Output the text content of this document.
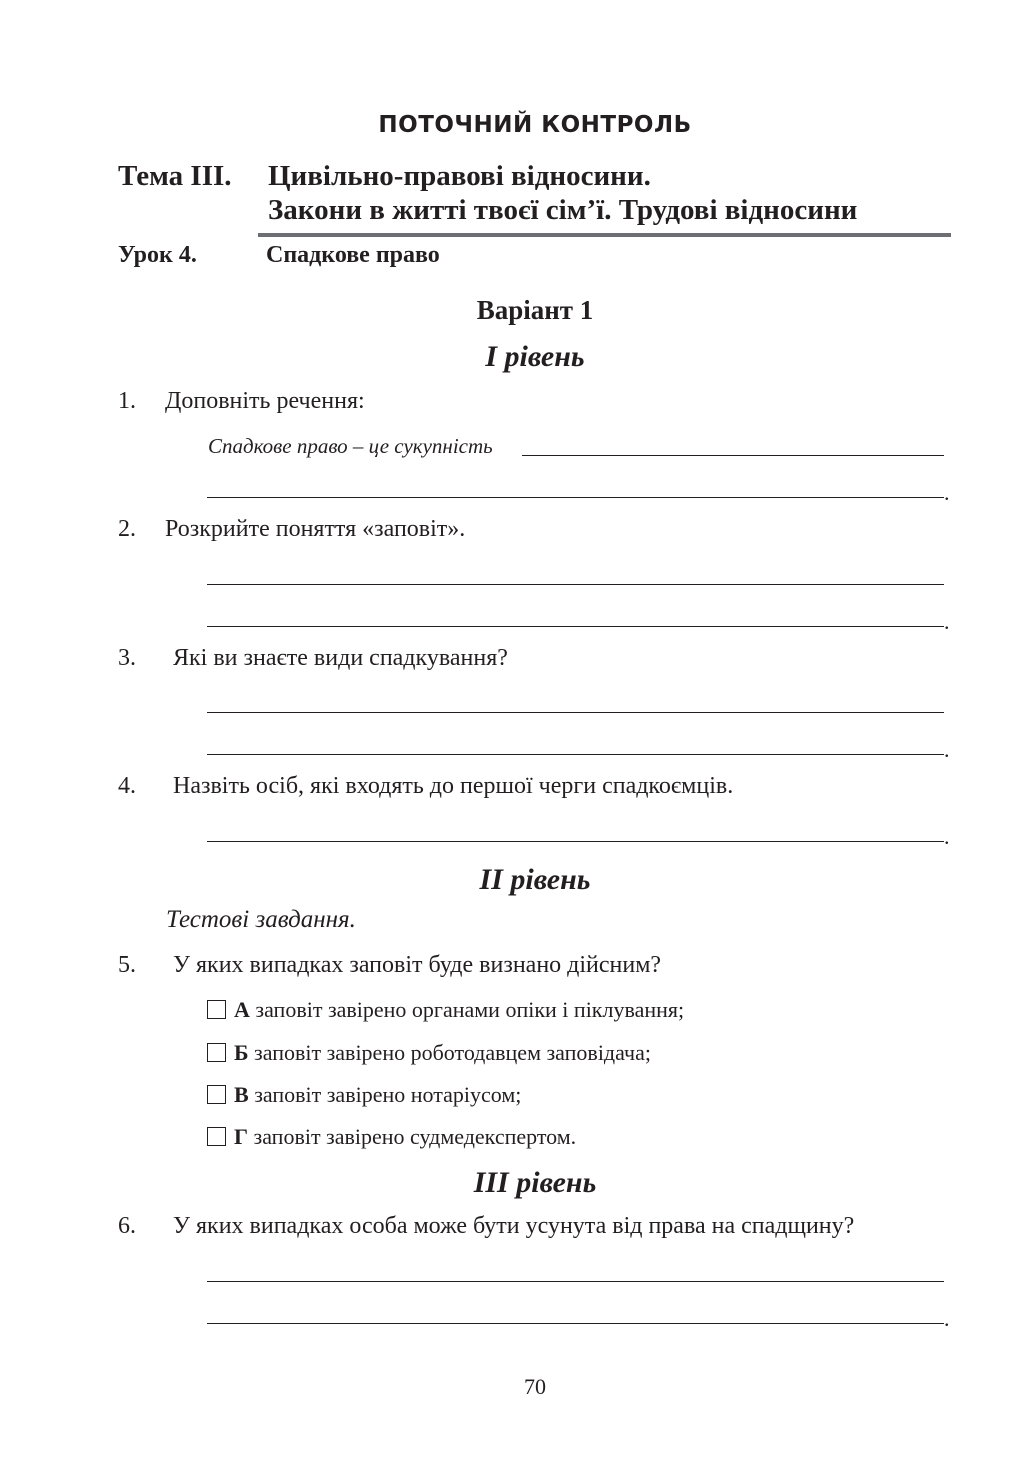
ПОТОЧНИЙ КОНТРОЛЬ
Тема III. Цивільно-правові відносини.
Закони в житті твоєї сім’ї. Трудові відносини
Урок 4.	Спадкове право
Варіант 1
I рівень
1. Доповніть речення:
Спадкове право – це сукупність
.
2. Розкрийте поняття «заповіт».
.
3. Які ви знаєте види спадкування?
.
4. Назвіть осіб, які входять до першої черги спадкоємців.
.
II рівень
Тестові завдання.
5. У яких випадках заповіт буде визнано дійсним?
А заповіт завірено органами опіки і піклування;
Б заповіт завірено роботодавцем заповідача;
В заповіт завірено нотаріусом;
Г заповіт завірено судмедекспертом.
III рівень
6. У яких випадках особа може бути усунута від права на спадщину?
.
70
